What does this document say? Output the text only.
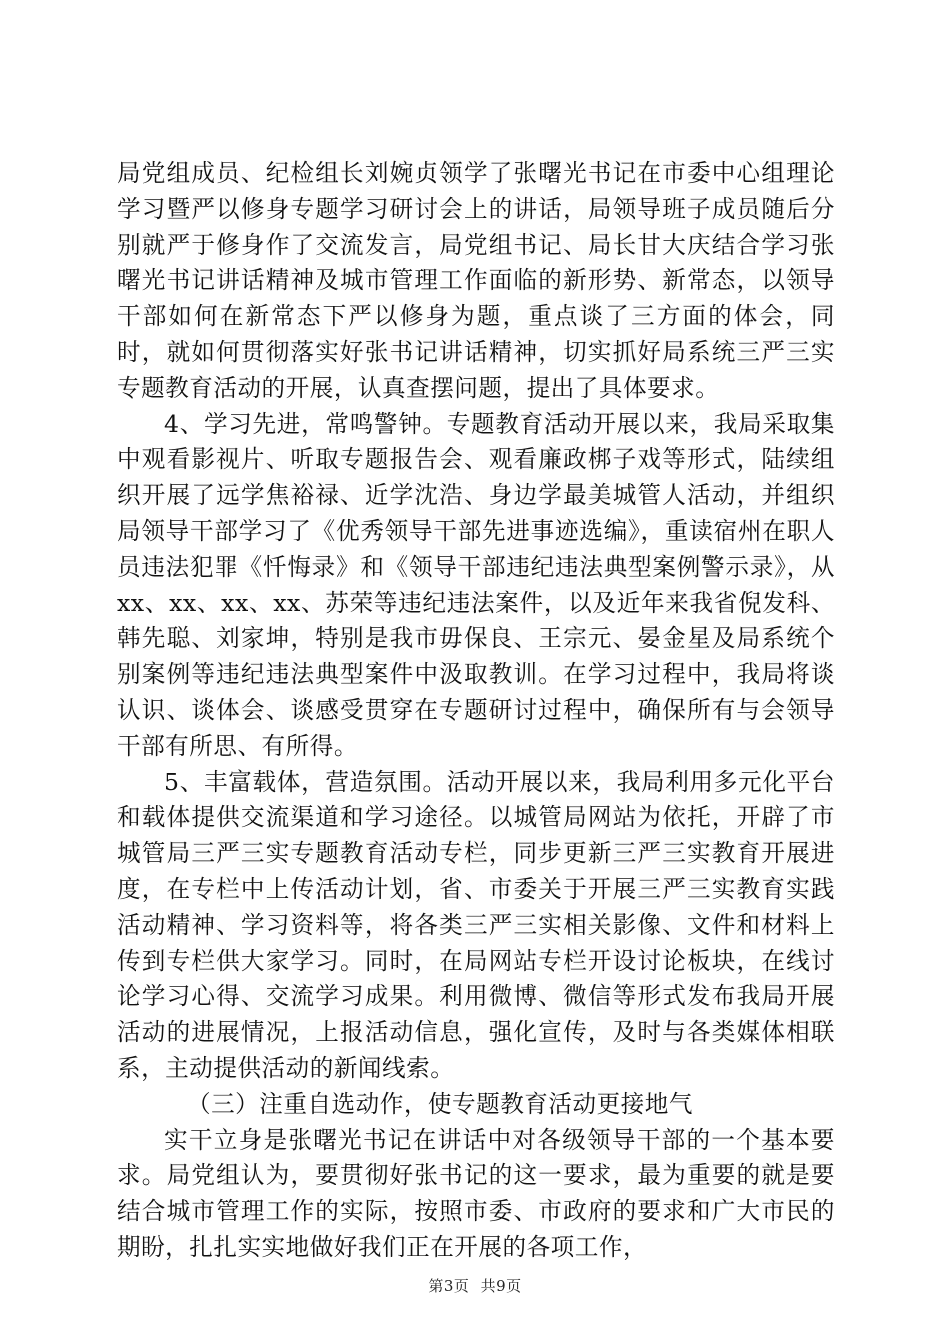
局党组成员、纪检组长刘婉贞领学了张曙光书记在市委中心组理论学习暨严以修身专题学习研讨会上的讲话，局领导班子成员随后分别就严于修身作了交流发言，局党组书记、局长甘大庆结合学习张曙光书记讲话精神及城市管理工作面临的新形势、新常态，以领导干部如何在新常态下严以修身为题，重点谈了三方面的体会，同时，就如何贯彻落实好张书记讲话精神，切实抓好局系统三严三实专题教育活动的开展，认真查摆问题，提出了具体要求。

4、学习先进，常鸣警钟。专题教育活动开展以来，我局采取集中观看影视片、听取专题报告会、观看廉政梆子戏等形式，陆续组织开展了远学焦裕禄、近学沈浩、身边学最美城管人活动，并组织局领导干部学习了《优秀领导干部先进事迹选编》，重读宿州在职人员违法犯罪《忏悔录》和《领导干部违纪违法典型案例警示录》，从xx、xx、xx、xx、苏荣等违纪违法案件，以及近年来我省倪发科、韩先聪、刘家坤，特别是我市毋保良、王宗元、晏金星及局系统个别案例等违纪违法典型案件中汲取教训。在学习过程中，我局将谈认识、谈体会、谈感受贯穿在专题研讨过程中，确保所有与会领导干部有所思、有所得。

5、丰富载体，营造氛围。活动开展以来，我局利用多元化平台和载体提供交流渠道和学习途径。以城管局网站为依托，开辟了市城管局三严三实专题教育活动专栏，同步更新三严三实教育开展进度，在专栏中上传活动计划，省、市委关于开展三严三实教育实践活动精神、学习资料等，将各类三严三实相关影像、文件和材料上传到专栏供大家学习。同时，在局网站专栏开设讨论板块，在线讨论学习心得、交流学习成果。利用微博、微信等形式发布我局开展活动的进展情况，上报活动信息，强化宣传，及时与各类媒体相联系，主动提供活动的新闻线索。

（三）注重自选动作，使专题教育活动更接地气

实干立身是张曙光书记在讲话中对各级领导干部的一个基本要求。局党组认为，要贯彻好张书记的这一要求，最为重要的就是要结合城市管理工作的实际，按照市委、市政府的要求和广大市民的期盼，扎扎实实地做好我们正在开展的各项工作，

第3页 共9页
